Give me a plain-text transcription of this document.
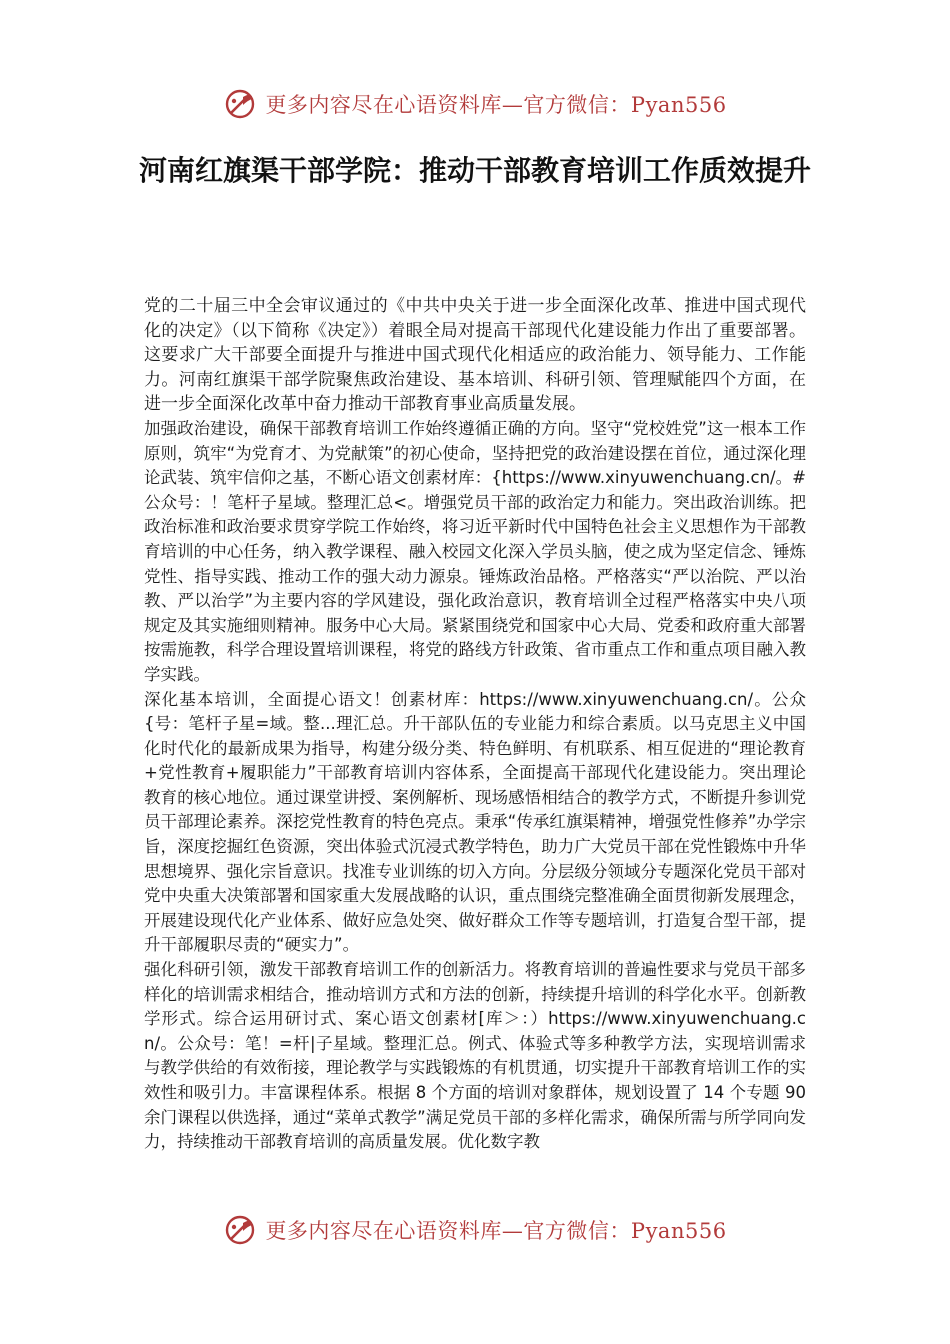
更多内容尽在心语资料库—官方微信：Pyan556
河南红旗渠干部学院：推动干部教育培训工作质效提升

党的二十届三中全会审议通过的《中共中央关于进一步全面深化改革、推进中国式现代化的决定》（以下简称《决定》）着眼全局对提高干部现代化建设能力作出了重要部署。这要求广大干部要全面提升与推进中国式现代化相适应的政治能力、领导能力、工作能力。河南红旗渠干部学院聚焦政治建设、基本培训、科研引领、管理赋能四个方面，在进一步全面深化改革中奋力推动干部教育事业高质量发展。

加强政治建设，确保干部教育培训工作始终遵循正确的方向。坚守“党校姓党”这一根本工作原则，筑牢“为党育才、为党献策”的初心使命，坚持把党的政治建设摆在首位，通过深化理论武装、筑牢信仰之基，不断心语文创素材库：{https://www.xinyuwenchuang.cn/。#公众号：！笔杆子星域。整理汇总<。增强党员干部的政治定力和能力。突出政治训练。把政治标准和政治要求贯穿学院工作始终，将习近平新时代中国特色社会主义思想作为干部教育培训的中心任务，纳入教学课程、融入校园文化深入学员头脑，使之成为坚定信念、锤炼党性、指导实践、推动工作的强大动力源泉。锤炼政治品格。严格落实“严以治院、严以治教、严以治学”为主要内容的学风建设，强化政治意识，教育培训全过程严格落实中央八项规定及其实施细则精神。服务中心大局。紧紧围绕党和国家中心大局、党委和政府重大部署按需施教，科学合理设置培训课程，将党的路线方针政策、省市重点工作和重点项目融入教学实践。

深化基本培训，全面提心语文！创素材库：https://www.xinyuwenchuang.cn/。公众{号：笔杆子星=域。整...理汇总。升干部队伍的专业能力和综合素质。以马克思主义中国化时代化的最新成果为指导，构建分级分类、特色鲜明、有机联系、相互促进的“理论教育+党性教育+履职能力”干部教育培训内容体系，全面提高干部现代化建设能力。突出理论教育的核心地位。通过课堂讲授、案例解析、现场感悟相结合的教学方式，不断提升参训党员干部理论素养。深挖党性教育的特色亮点。秉承“传承红旗渠精神，增强党性修养”办学宗旨，深度挖掘红色资源，突出体验式沉浸式教学特色，助力广大党员干部在党性锻炼中升华思想境界、强化宗旨意识。找准专业训练的切入方向。分层级分领域分专题深化党员干部对党中央重大决策部署和国家重大发展战略的认识，重点围绕完整准确全面贯彻新发展理念，开展建设现代化产业体系、做好应急处突、做好群众工作等专题培训，打造复合型干部，提升干部履职尽责的“硬实力”。

强化科研引领，激发干部教育培训工作的创新活力。将教育培训的普遍性要求与党员干部多样化的培训需求相结合，推动培训方式和方法的创新，持续提升培训的科学化水平。创新教学形式。综合运用研讨式、案心语文创素材[库＞：）https://www.xinyuwenchuang.cn/。公众号：笔！=杆|子星域。整理汇总。例式、体验式等多种教学方法，实现培训需求与教学供给的有效衔接，理论教学与实践锻炼的有机贯通，切实提升干部教育培训工作的实效性和吸引力。丰富课程体系。根据 8 个方面的培训对象群体，规划设置了 14 个专题 90 余门课程以供选择，通过“菜单式教学”满足党员干部的多样化需求，确保所需与所学同向发力，持续推动干部教育培训的高质量发展。优化数字教

更多内容尽在心语资料库—官方微信：Pyan556
